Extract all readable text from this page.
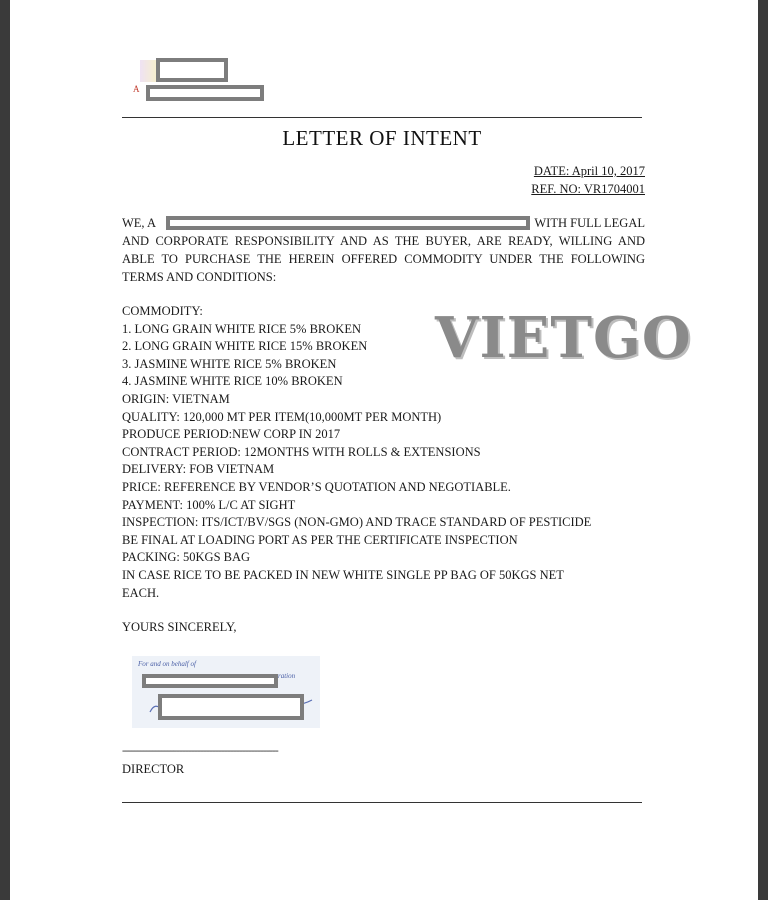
A
LETTER OF INTENT
DATE: April 10, 2017
REF. NO: VR1704001
WE, A	WITH FULL LEGAL
AND CORPORATE RESPONSIBILITY AND AS THE BUYER, ARE READY, WILLING AND ABLE TO PURCHASE THE HEREIN OFFERED COMMODITY UNDER THE FOLLOWING TERMS AND CONDITIONS:
VIETGO
COMMODITY:
1. LONG GRAIN WHITE RICE 5% BROKEN
2. LONG GRAIN WHITE RICE 15% BROKEN
3. JASMINE WHITE RICE 5% BROKEN
4. JASMINE WHITE RICE 10% BROKEN
ORIGIN: VIETNAM
QUALITY: 120,000 MT PER ITEM(10,000MT PER MONTH)
PRODUCE PERIOD:NEW CORP IN 2017
CONTRACT PERIOD: 12MONTHS WITH ROLLS & EXTENSIONS
DELIVERY: FOB VIETNAM
PRICE: REFERENCE BY VENDOR’S QUOTATION AND NEGOTIABLE.
PAYMENT: 100% L/C AT SIGHT
INSPECTION: ITS/ICT/BV/SGS (NON-GMO) AND TRACE STANDARD OF PESTICIDE
BE FINAL AT LOADING PORT AS PER THE CERTIFICATE INSPECTION
PACKING: 50KGS BAG
IN CASE RICE TO BE PACKED IN NEW WHITE SINGLE PP BAG OF 50KGS NET
EACH.
YOURS SINCERELY,
For and on behalf of
ration
----------------------------------------------------
DIRECTOR
